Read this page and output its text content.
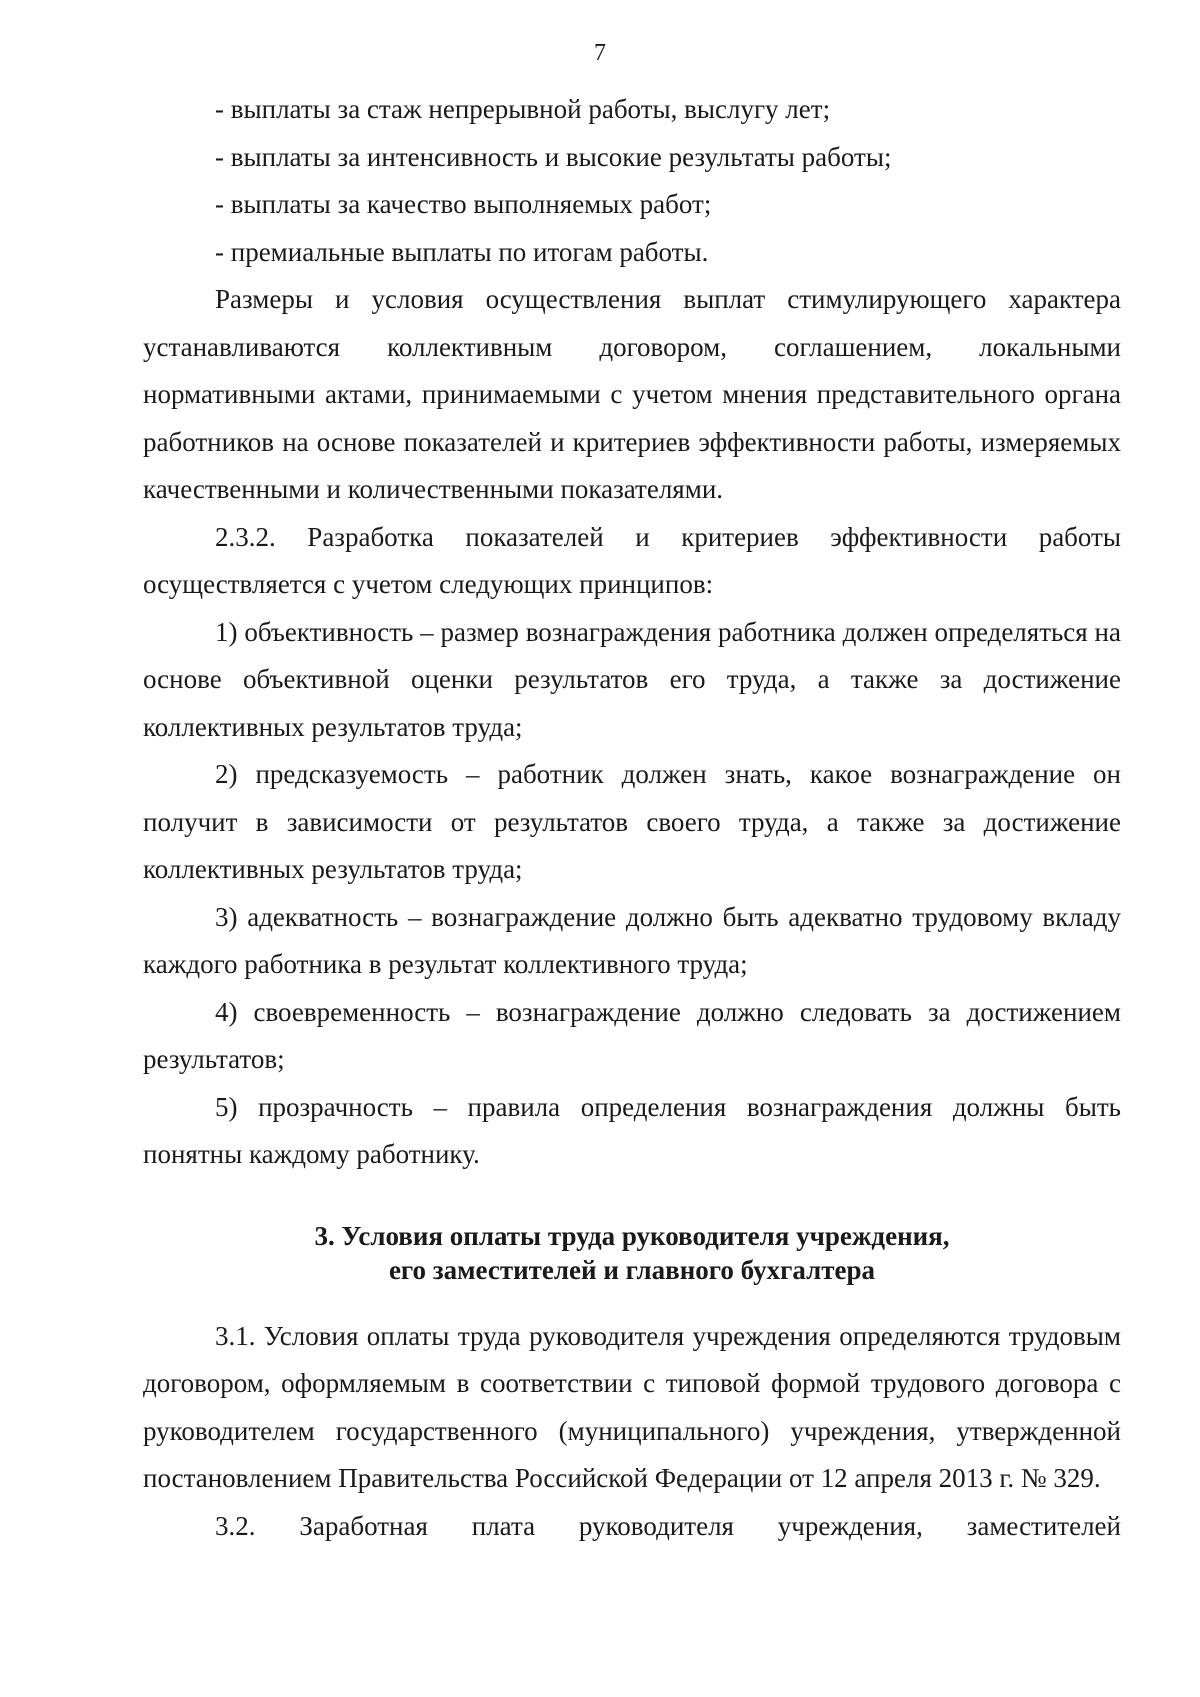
7

- выплаты за стаж непрерывной работы, выслугу лет;

- выплаты за интенсивность и высокие результаты работы;

- выплаты за качество выполняемых работ;

- премиальные выплаты по итогам работы.

Размеры и условия осуществления выплат стимулирующего характера устанавливаются коллективным договором, соглашением, локальными нормативными актами, принимаемыми с учетом мнения представительного органа работников на основе показателей и критериев эффективности работы, измеряемых качественными и количественными показателями.

2.3.2. Разработка показателей и критериев эффективности работы осуществляется с учетом следующих принципов:

1) объективность – размер вознаграждения работника должен определяться на основе объективной оценки результатов его труда, а также за достижение коллективных результатов труда;

2) предсказуемость – работник должен знать, какое вознаграждение он получит в зависимости от результатов своего труда, а также за достижение коллективных результатов труда;

3) адекватность – вознаграждение должно быть адекватно трудовому вкладу каждого работника в результат коллективного труда;

4) своевременность – вознаграждение должно следовать за достижением результатов;

5) прозрачность – правила определения вознаграждения должны быть понятны каждому работнику.

3. Условия оплаты труда руководителя учреждения,
его заместителей и главного бухгалтера

3.1. Условия оплаты труда руководителя учреждения определяются трудовым договором, оформляемым в соответствии с типовой формой трудового договора с руководителем государственного (муниципального) учреждения, утвержденной постановлением Правительства Российской Федерации от 12 апреля 2013 г. № 329.

3.2. Заработная плата руководителя учреждения, заместителей
